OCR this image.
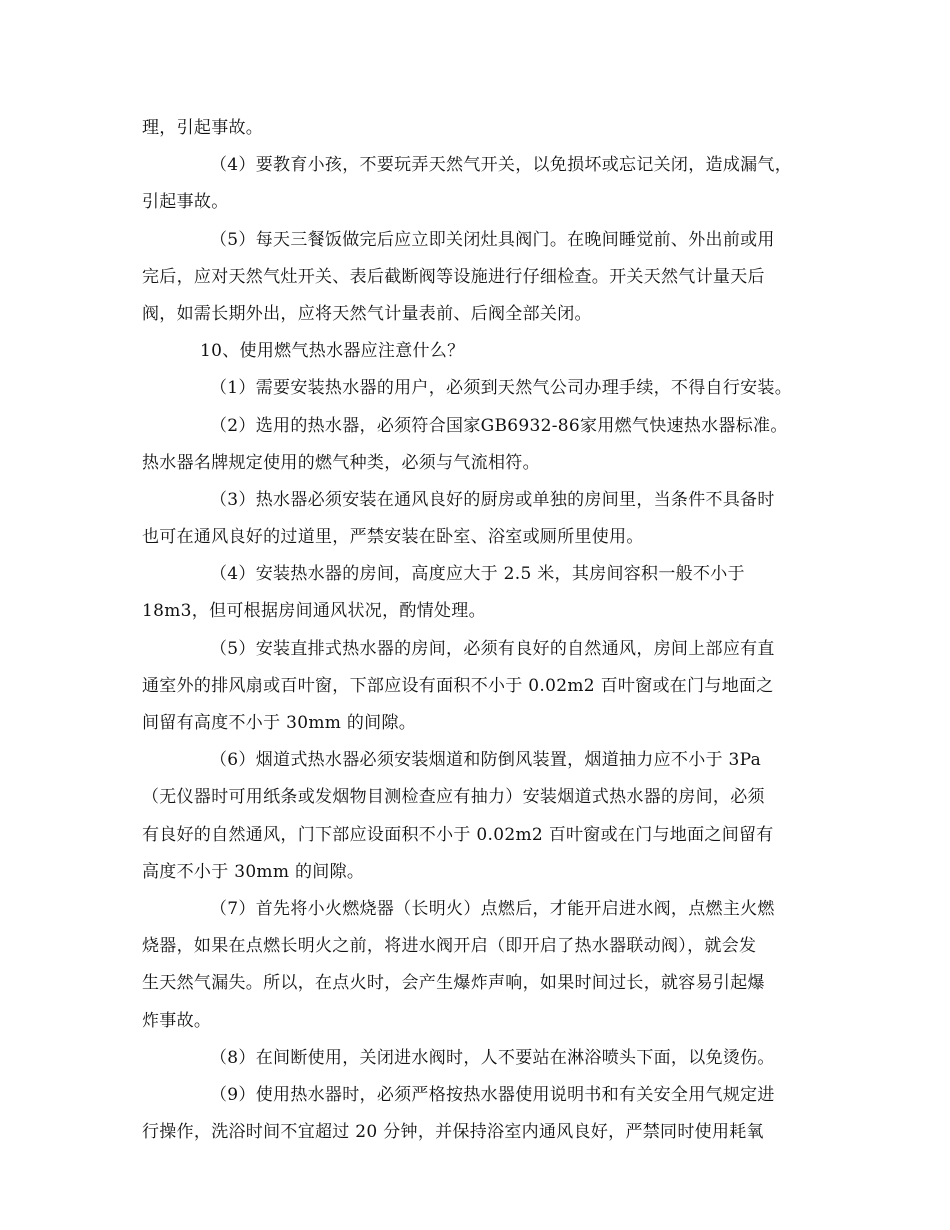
理，引起事故。
（4）要教育小孩，不要玩弄天然气开关，以免损坏或忘记关闭，造成漏气，
引起事故。
（5）每天三餐饭做完后应立即关闭灶具阀门。在晚间睡觉前、外出前或用
完后，应对天然气灶开关、表后截断阀等设施进行仔细检查。开关天然气计量天后
阀，如需长期外出，应将天然气计量表前、后阀全部关闭。
10、使用燃气热水器应注意什么？
（1）需要安装热水器的用户，必须到天然气公司办理手续，不得自行安装。
（2）选用的热水器，必须符合国家GB6932-86家用燃气快速热水器标准。
热水器名牌规定使用的燃气种类，必须与气流相符。
（3）热水器必须安装在通风良好的厨房或单独的房间里，当条件不具备时
也可在通风良好的过道里，严禁安装在卧室、浴室或厕所里使用。
（4）安装热水器的房间，高度应大于 2.5 米，其房间容积一般不小于
18m3，但可根据房间通风状况，酌情处理。
（5）安装直排式热水器的房间，必须有良好的自然通风，房间上部应有直
通室外的排风扇或百叶窗，下部应设有面积不小于 0.02m2 百叶窗或在门与地面之
间留有高度不小于 30mm 的间隙。
（6）烟道式热水器必须安装烟道和防倒风装置，烟道抽力应不小于 3Pa
（无仪器时可用纸条或发烟物目测检查应有抽力）安装烟道式热水器的房间，必须
有良好的自然通风，门下部应设面积不小于 0.02m2 百叶窗或在门与地面之间留有
高度不小于 30mm 的间隙。
（7）首先将小火燃烧器（长明火）点燃后，才能开启进水阀，点燃主火燃
烧器，如果在点燃长明火之前，将进水阀开启（即开启了热水器联动阀），就会发
生天然气漏失。所以，在点火时，会产生爆炸声响，如果时间过长，就容易引起爆
炸事故。
（8）在间断使用，关闭进水阀时，人不要站在淋浴喷头下面，以免烫伤。
（9）使用热水器时，必须严格按热水器使用说明书和有关安全用气规定进
行操作，洗浴时间不宜超过 20 分钟，并保持浴室内通风良好，严禁同时使用耗氧
